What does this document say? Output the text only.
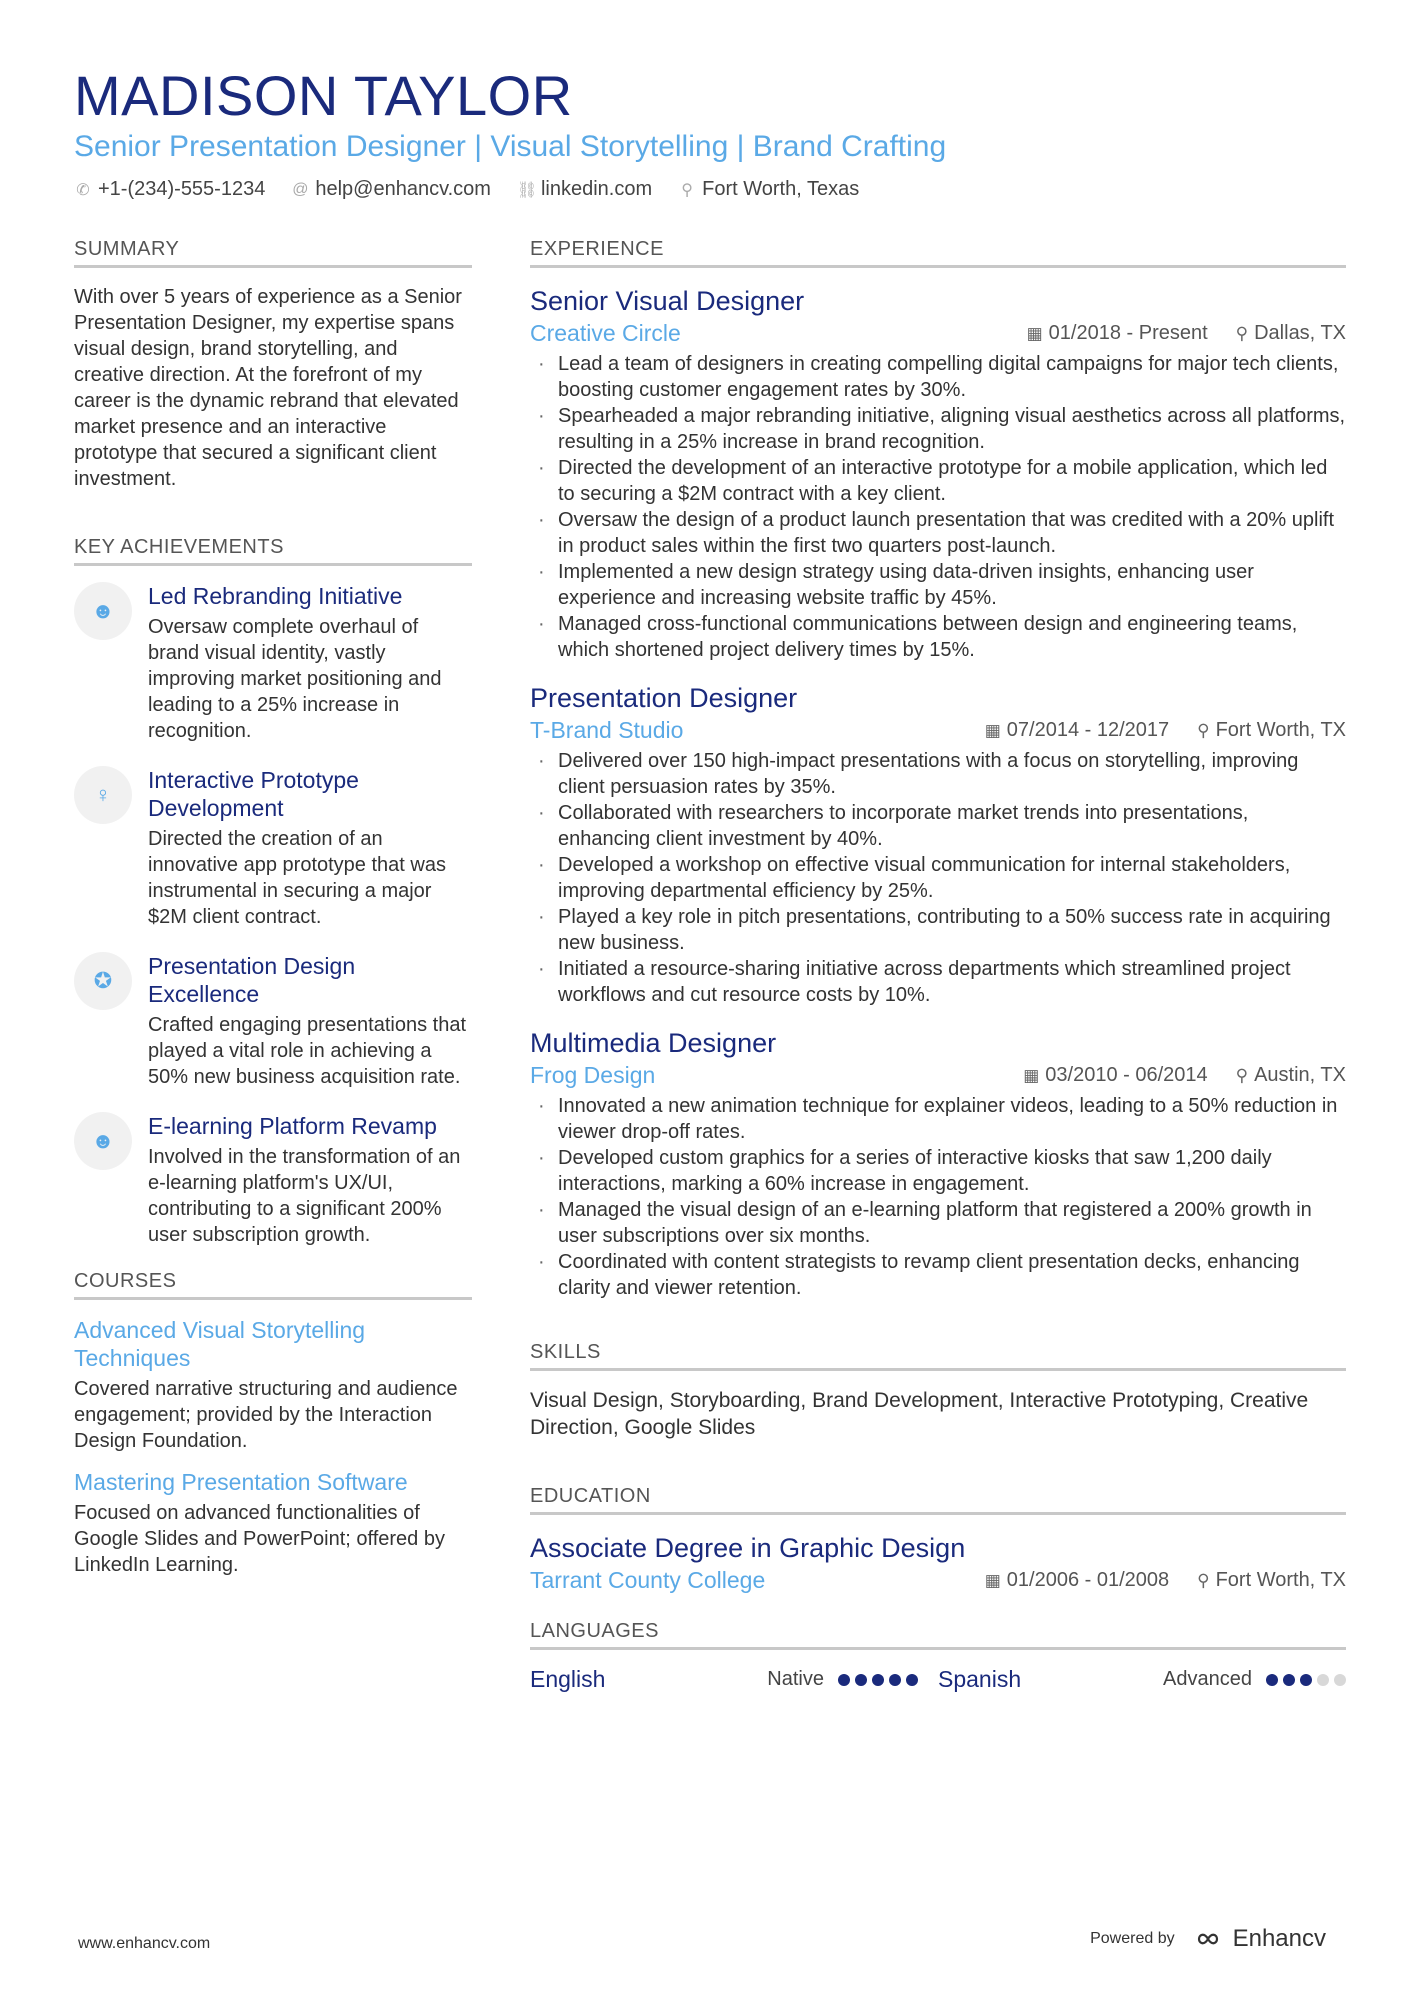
MADISON TAYLOR
Senior Presentation Designer | Visual Storytelling | Brand Crafting
✆ +1-(234)-555-1234 @ help@enhancv.com ⛓ linkedin.com ⚲ Fort Worth, Texas
SUMMARY
With over 5 years of experience as a Senior Presentation Designer, my expertise spans visual design, brand storytelling, and creative direction. At the forefront of my career is the dynamic rebrand that elevated market presence and an interactive prototype that secured a significant client investment.
KEY ACHIEVEMENTS
☻
Led Rebranding Initiative
Oversaw complete overhaul of brand visual identity, vastly improving market positioning and leading to a 25% increase in recognition.
♀
Interactive Prototype Development
Directed the creation of an innovative app prototype that was instrumental in securing a major $2M client contract.
✪
Presentation Design Excellence
Crafted engaging presentations that played a vital role in achieving a 50% new business acquisition rate.
☻
E-learning Platform Revamp
Involved in the transformation of an e-learning platform's UX/UI, contributing to a significant 200% user subscription growth.
COURSES
Advanced Visual Storytelling Techniques
Covered narrative structuring and audience engagement; provided by the Interaction Design Foundation.
Mastering Presentation Software
Focused on advanced functionalities of Google Slides and PowerPoint; offered by LinkedIn Learning.
EXPERIENCE
Senior Visual Designer
Creative Circle	▦ 01/2018 - Present ⚲ Dallas, TX
· Lead a team of designers in creating compelling digital campaigns for major tech clients, boosting customer engagement rates by 30%.
· Spearheaded a major rebranding initiative, aligning visual aesthetics across all platforms, resulting in a 25% increase in brand recognition.
· Directed the development of an interactive prototype for a mobile application, which led to securing a $2M contract with a key client.
· Oversaw the design of a product launch presentation that was credited with a 20% uplift in product sales within the first two quarters post-launch.
· Implemented a new design strategy using data-driven insights, enhancing user experience and increasing website traffic by 45%.
· Managed cross-functional communications between design and engineering teams, which shortened project delivery times by 15%.
Presentation Designer
T-Brand Studio	▦ 07/2014 - 12/2017 ⚲ Fort Worth, TX
· Delivered over 150 high-impact presentations with a focus on storytelling, improving client persuasion rates by 35%.
· Collaborated with researchers to incorporate market trends into presentations, enhancing client investment by 40%.
· Developed a workshop on effective visual communication for internal stakeholders, improving departmental efficiency by 25%.
· Played a key role in pitch presentations, contributing to a 50% success rate in acquiring new business.
· Initiated a resource-sharing initiative across departments which streamlined project workflows and cut resource costs by 10%.
Multimedia Designer
Frog Design	▦ 03/2010 - 06/2014 ⚲ Austin, TX
· Innovated a new animation technique for explainer videos, leading to a 50% reduction in viewer drop-off rates.
· Developed custom graphics for a series of interactive kiosks that saw 1,200 daily interactions, marking a 60% increase in engagement.
· Managed the visual design of an e-learning platform that registered a 200% growth in user subscriptions over six months.
· Coordinated with content strategists to revamp client presentation decks, enhancing clarity and viewer retention.
SKILLS
Visual Design, Storyboarding, Brand Development, Interactive Prototyping, Creative Direction, Google Slides
EDUCATION
Associate Degree in Graphic Design
Tarrant County College	▦ 01/2006 - 01/2008 ⚲ Fort Worth, TX
LANGUAGES
English	Native	Spanish	Advanced
www.enhancv.com	Powered by Enhancv
